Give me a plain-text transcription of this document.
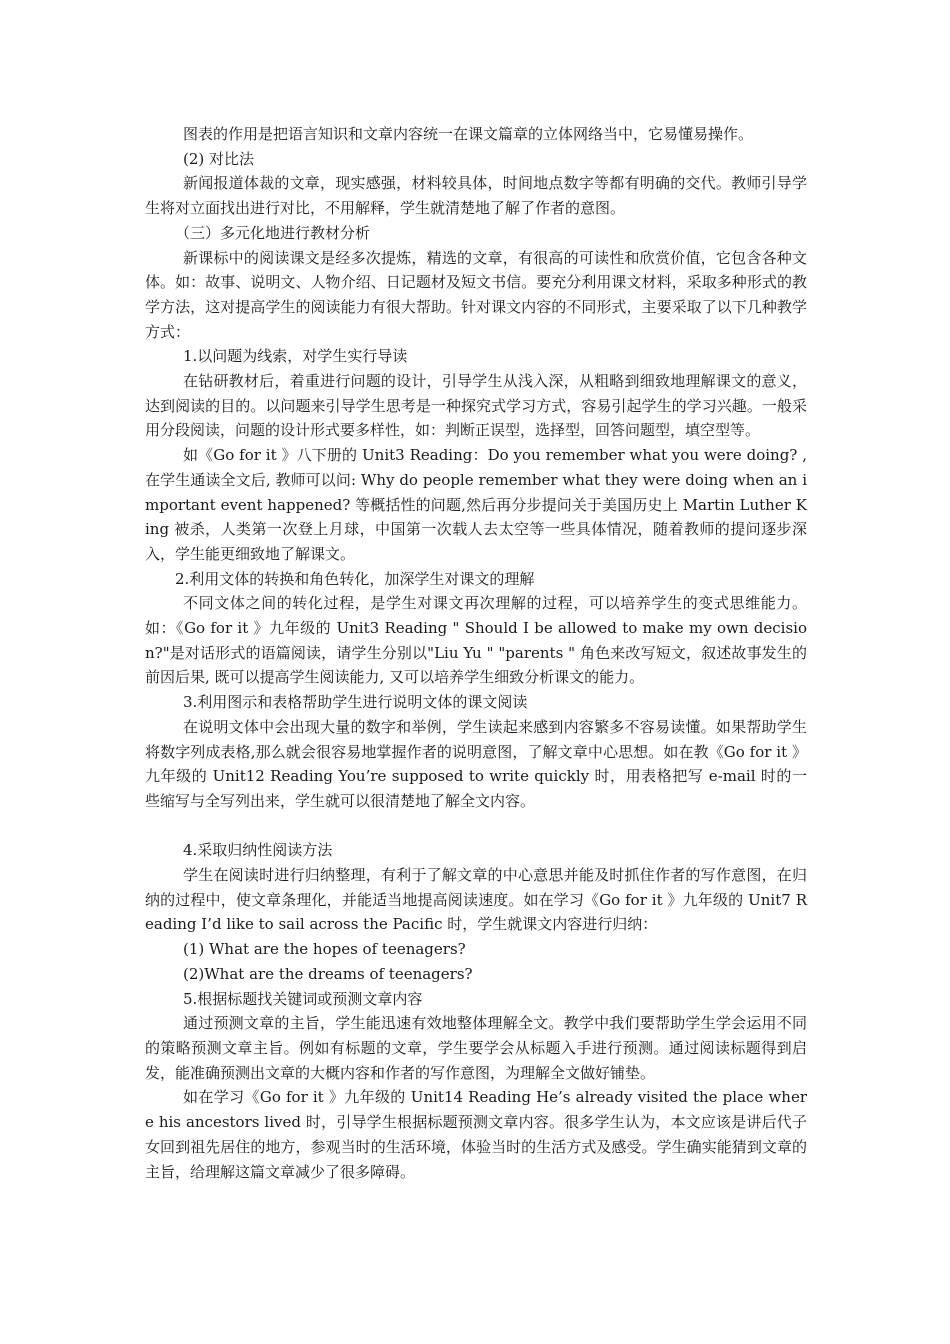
图表的作用是把语言知识和文章内容统一在课文篇章的立体网络当中，它易懂易操作。

(2) 对比法

新闻报道体裁的文章，现实感强，材料较具体，时间地点数字等都有明确的交代。教师引导学生将对立面找出进行对比，不用解释，学生就清楚地了解了作者的意图。

（三）多元化地进行教材分析

新课标中的阅读课文是经多次提炼，精选的文章，有很高的可读性和欣赏价值，它包含各种文体。如：故事、说明文、人物介绍、日记题材及短文书信。要充分利用课文材料，采取多种形式的教学方法，这对提高学生的阅读能力有很大帮助。针对课文内容的不同形式，主要采取了以下几种教学方式：

1.以问题为线索，对学生实行导读

在钻研教材后，着重进行问题的设计，引导学生从浅入深，从粗略到细致地理解课文的意义，达到阅读的目的。以问题来引导学生思考是一种探究式学习方式，容易引起学生的学习兴趣。一般采用分段阅读，问题的设计形式要多样性，如：判断正误型，选择型，回答问题型，填空型等。

如《Go for it 》八下册的 Unit3 Reading：Do you remember what you were doing? , 在学生通读全文后, 教师可以问: Why do people remember what they were doing when an important event happened? 等概括性的问题,然后再分步提问关于美国历史上 Martin Luther King 被杀，人类第一次登上月球，中国第一次载人去太空等一些具体情况，随着教师的提问逐步深入，学生能更细致地了解课文。

2.利用文体的转换和角色转化，加深学生对课文的理解

不同文体之间的转化过程，是学生对课文再次理解的过程，可以培养学生的变式思维能力。如：《Go for it 》九年级的 Unit3 Reading " Should I be allowed to make my own decision?"是对话形式的语篇阅读，请学生分别以"Liu Yu " "parents " 角色来改写短文，叙述故事发生的前因后果, 既可以提高学生阅读能力, 又可以培养学生细致分析课文的能力。

3.利用图示和表格帮助学生进行说明文体的课文阅读

在说明文体中会出现大量的数字和举例，学生读起来感到内容繁多不容易读懂。如果帮助学生将数字列成表格,那么就会很容易地掌握作者的说明意图，了解文章中心思想。如在教《Go for it 》九年级的 Unit12 Reading You’re supposed to write quickly 时，用表格把写 e-mail 时的一些缩写与全写列出来，学生就可以很清楚地了解全文内容。

4.采取归纳性阅读方法

学生在阅读时进行归纳整理，有利于了解文章的中心意思并能及时抓住作者的写作意图，在归纳的过程中，使文章条理化，并能适当地提高阅读速度。如在学习《Go for it 》九年级的 Unit7 Reading I’d like to sail across the Pacific 时，学生就课文内容进行归纳：

(1) What are the hopes of teenagers?

(2)What are the dreams of teenagers?

5.根据标题找关键词或预测文章内容

通过预测文章的主旨，学生能迅速有效地整体理解全文。教学中我们要帮助学生学会运用不同的策略预测文章主旨。例如有标题的文章，学生要学会从标题入手进行预测。通过阅读标题得到启发，能准确预测出文章的大概内容和作者的写作意图，为理解全文做好铺垫。

如在学习《Go for it 》九年级的 Unit14 Reading He’s already visited the place where his ancestors lived 时，引导学生根据标题预测文章内容。很多学生认为，本文应该是讲后代子女回到祖先居住的地方，参观当时的生活环境，体验当时的生活方式及感受。学生确实能猜到文章的主旨，给理解这篇文章减少了很多障碍。
